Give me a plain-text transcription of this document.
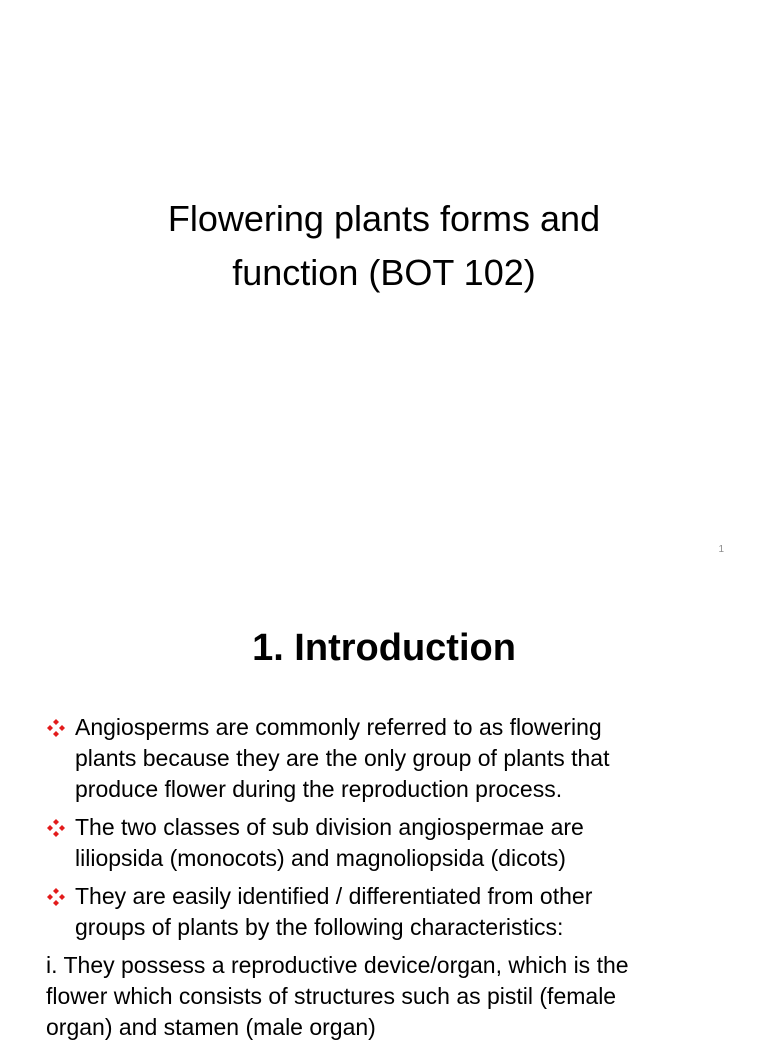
Flowering plants forms and
function (BOT 102)
1
1. Introduction
Angiosperms are commonly referred to as flowering
plants because they are the only group of plants that
produce flower during the reproduction process.
The two classes of sub division angiospermae are
liliopsida (monocots) and magnoliopsida (dicots)
They are easily identified / differentiated from other
groups of plants by the following characteristics:
i. They possess a reproductive device/organ, which is the
flower which consists of structures such as pistil (female
organ) and stamen (male organ)
